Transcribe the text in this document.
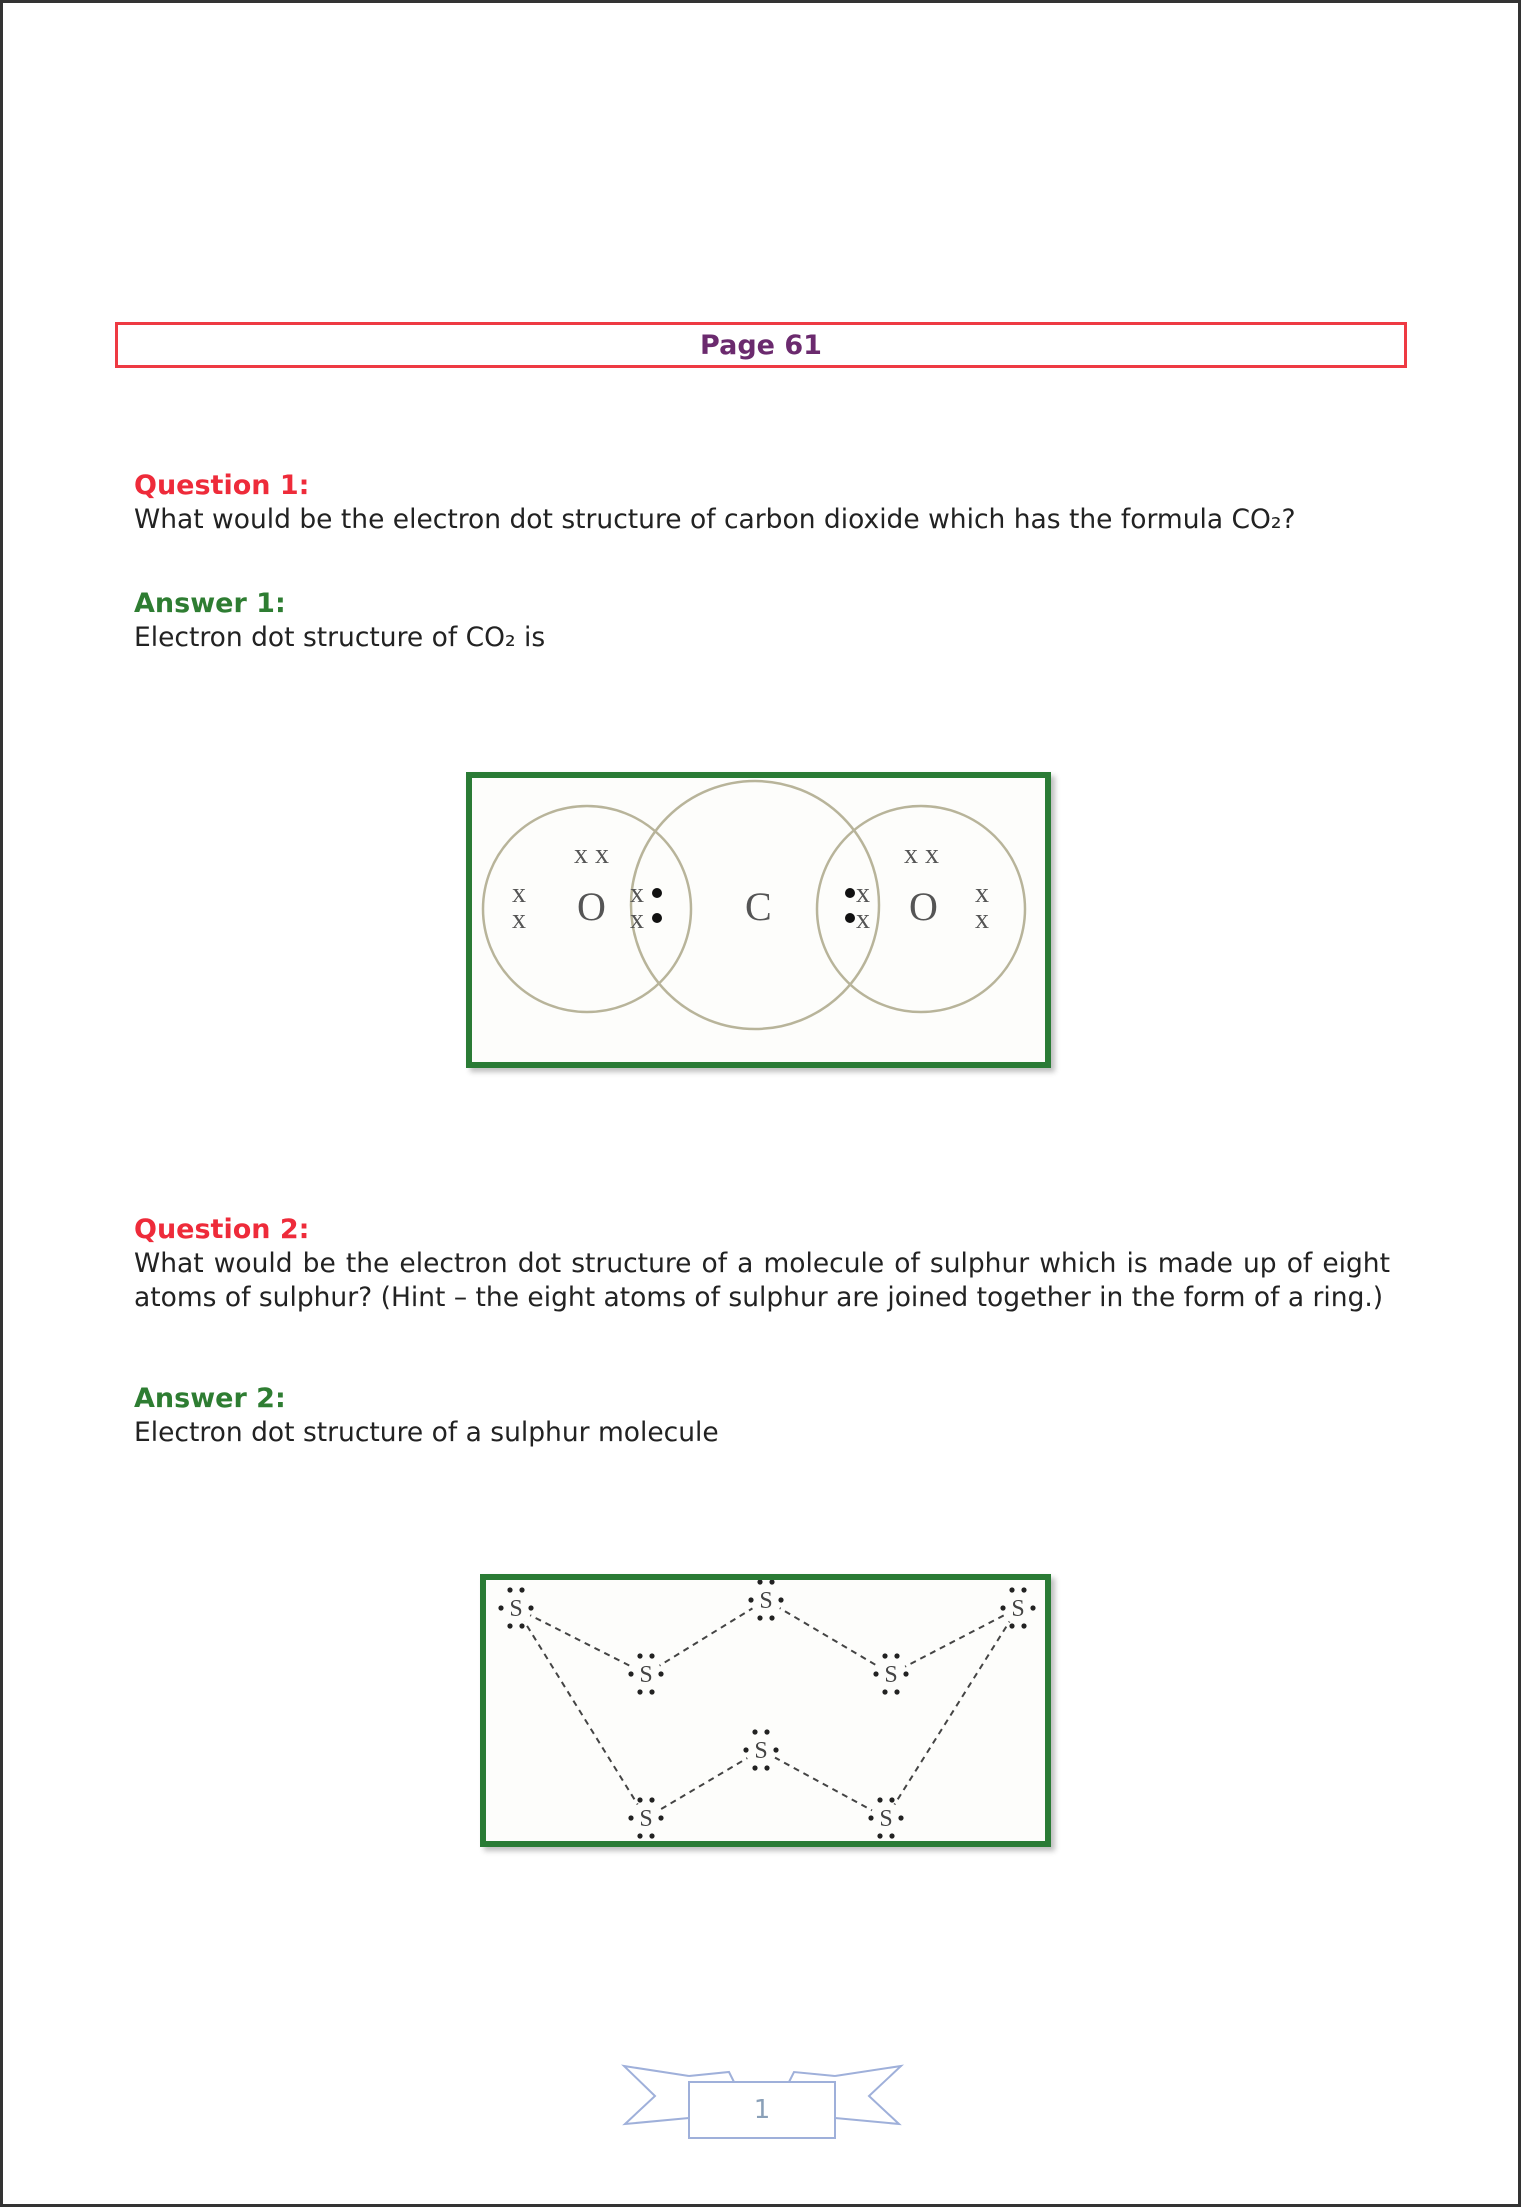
Page 61
Question 1:
What would be the electron dot structure of carbon dioxide which has the formula CO₂?
Answer 1:
Electron dot structure of CO₂ is
O	C	O
x x
x
x
x
x
x
x
x x
x
x
Question 2:
What would be the electron dot structure of a molecule of sulphur which is made up of eight atoms of sulphur? (Hint – the eight atoms of sulphur are joined together in the form of a ring.)
Answer 2:
Electron dot structure of a sulphur molecule
S
S
S
S
S
S
S
S
1
